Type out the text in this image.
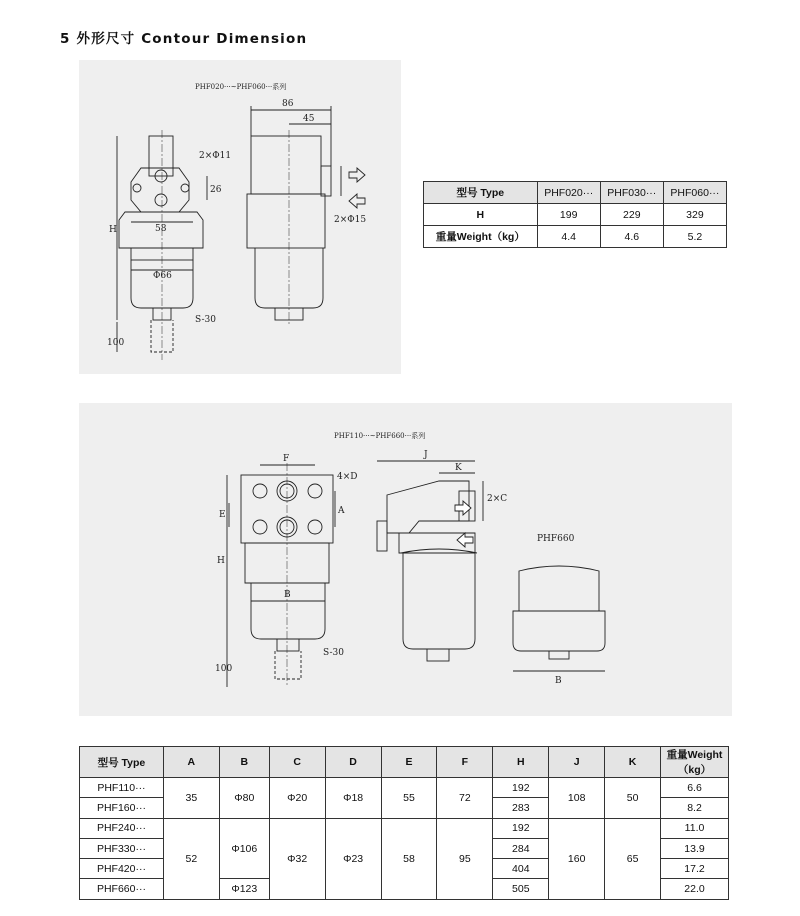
5 外形尺寸 Contour Dimension
PHF020···~PHF060···系列
86
45
2×Φ11
26
58
Φ66
S-30
H
100
2×Φ15
型号 Type	PHF020···	PHF030···	PHF060···
H	199	229	329
重量Weight（kg）	4.4	4.6	5.2
PHF110···~PHF660···系列
F
4×D
E	A
H
B
S-30
100
J
K
2×C
PHF660
B
型号 Type	A	B	C	D	E	F	H	J	K	重量Weight（kg）
PHF110···	35	Φ80	Φ20	Φ18	55	72	192	108	50	6.6
PHF160···							283			8.2
PHF240···	52	Φ106	Φ32	Φ23	58	95	192	160	65	11.0
PHF330···							284			13.9
PHF420···							404			17.2
PHF660···		Φ123					505			22.0
